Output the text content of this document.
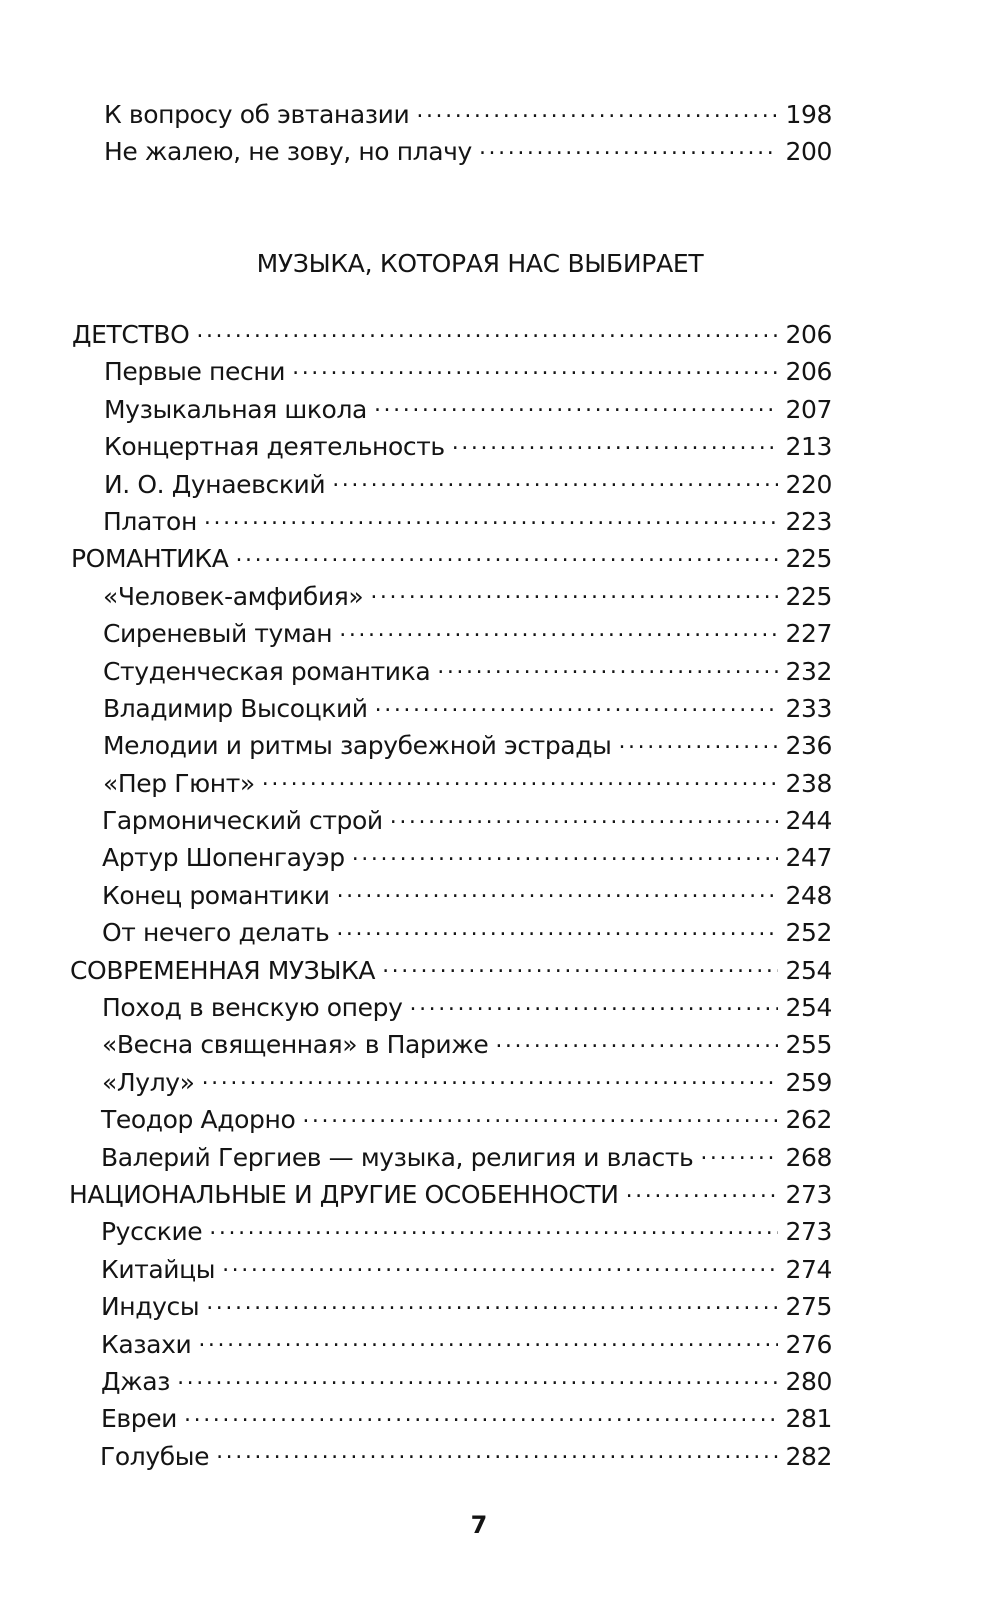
К вопросу об эвтаназии .....	198
Не жалею, не зову, но плачу .....	200
МУЗЫКА, КОТОРАЯ НАС ВЫБИРАЕТ
ДЕТСТВО .....	206
Первые песни .....	206
Музыкальная школа .....	207
Концертная деятельность .....	213
И. О. Дунаевский .....	220
Платон .....	223
РОМАНТИКА .....	225
«Человек-амфибия» .....	225
Сиреневый туман .....	227
Студенческая романтика .....	232
Владимир Высоцкий .....	233
Мелодии и ритмы зарубежной эстрады .....	236
«Пер Гюнт» .....	238
Гармонический строй .....	244
Артур Шопенгауэр .....	247
Конец романтики .....	248
От нечего делать .....	252
СОВРЕМЕННАЯ МУЗЫКА .....	254
Поход в венскую оперу .....	254
«Весна священная» в Париже .....	255
«Лулу» .....	259
Теодор Адорно .....	262
Валерий Гергиев — музыка, религия и власть .....	268
НАЦИОНАЛЬНЫЕ И ДРУГИЕ ОСОБЕННОСТИ .....	273
Русские .....	273
Китайцы .....	274
Индусы .....	275
Казахи .....	276
Джаз .....	280
Евреи .....	281
Голубые .....	282
7
